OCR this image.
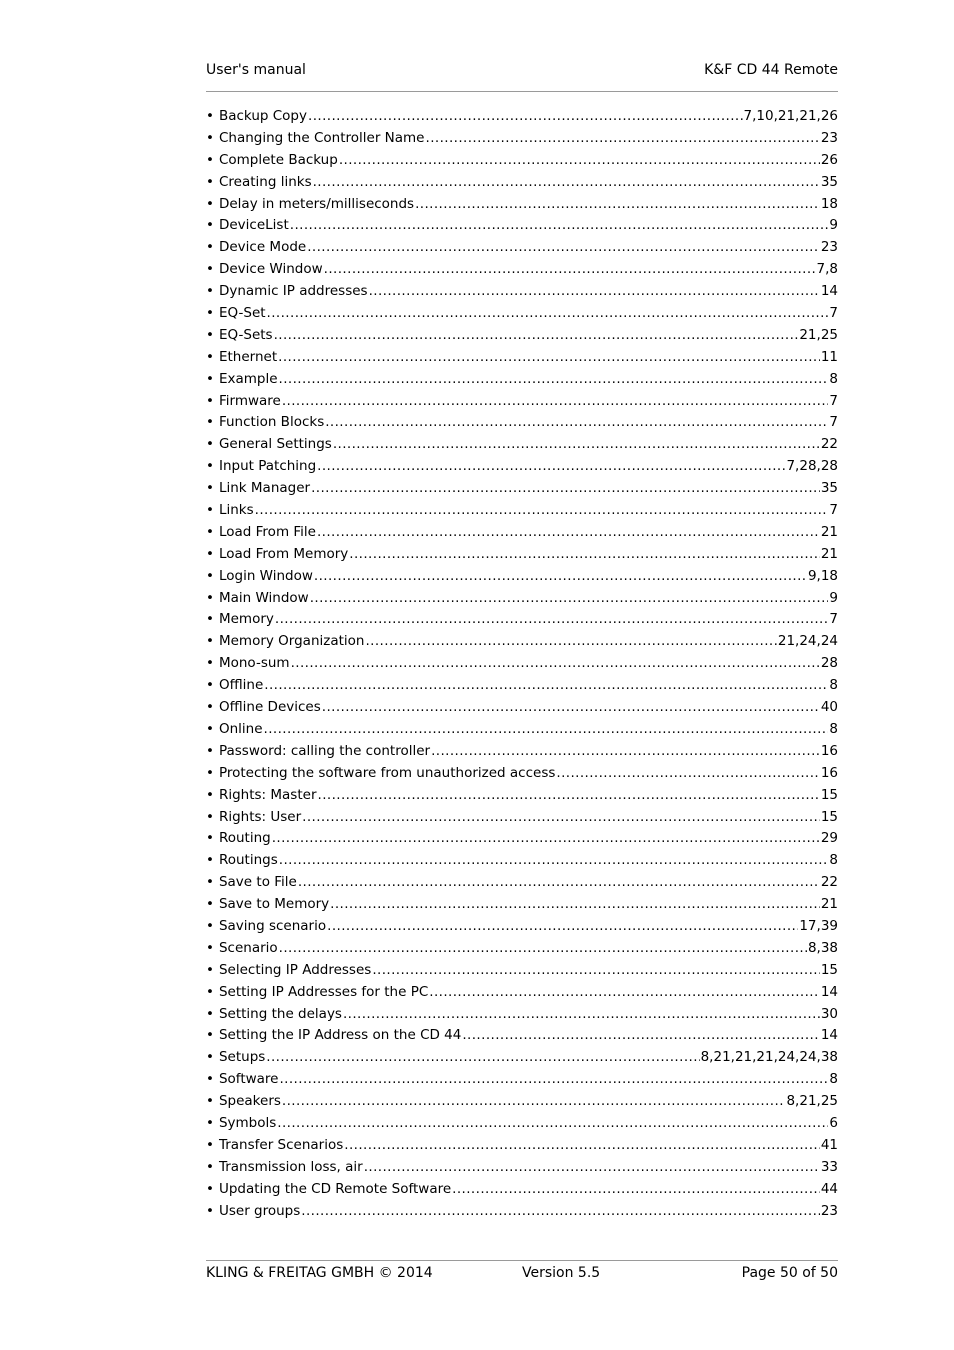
User's manual	K&F CD 44 Remote
• Backup Copy .....	7,10,21,21,26
• Changing the Controller Name .....	23
• Complete Backup .....	26
• Creating links .....	35
• Delay in meters/milliseconds .....	18
• DeviceList .....	9
• Device Mode .....	23
• Device Window .....	7,8
• Dynamic IP addresses .....	14
• EQ-Set .....	7
• EQ-Sets .....	21,25
• Ethernet .....	11
• Example .....	8
• Firmware .....	7
• Function Blocks .....	7
• General Settings .....	22
• Input Patching .....	7,28,28
• Link Manager .....	35
• Links .....	7
• Load From File .....	21
• Load From Memory .....	21
• Login Window .....	9,18
• Main Window .....	9
• Memory .....	7
• Memory Organization .....	21,24,24
• Mono-sum .....	28
• Offline .....	8
• Offline Devices .....	40
• Online .....	8
• Password: calling the controller .....	16
• Protecting the software from unauthorized access .....	16
• Rights: Master .....	15
• Rights: User .....	15
• Routing .....	29
• Routings .....	8
• Save to File .....	22
• Save to Memory .....	21
• Saving scenario .....	17,39
• Scenario .....	8,38
• Selecting IP Addresses .....	15
• Setting IP Addresses for the PC .....	14
• Setting the delays .....	30
• Setting the IP Address on the CD 44 .....	14
• Setups .....	8,21,21,21,24,24,38
• Software .....	8
• Speakers .....	8,21,25
• Symbols .....	6
• Transfer Scenarios .....	41
• Transmission loss, air .....	33
• Updating the CD Remote Software .....	44
• User groups .....	23
KLING & FREITAG GMBH © 2014	Version 5.5	Page 50 of 50
